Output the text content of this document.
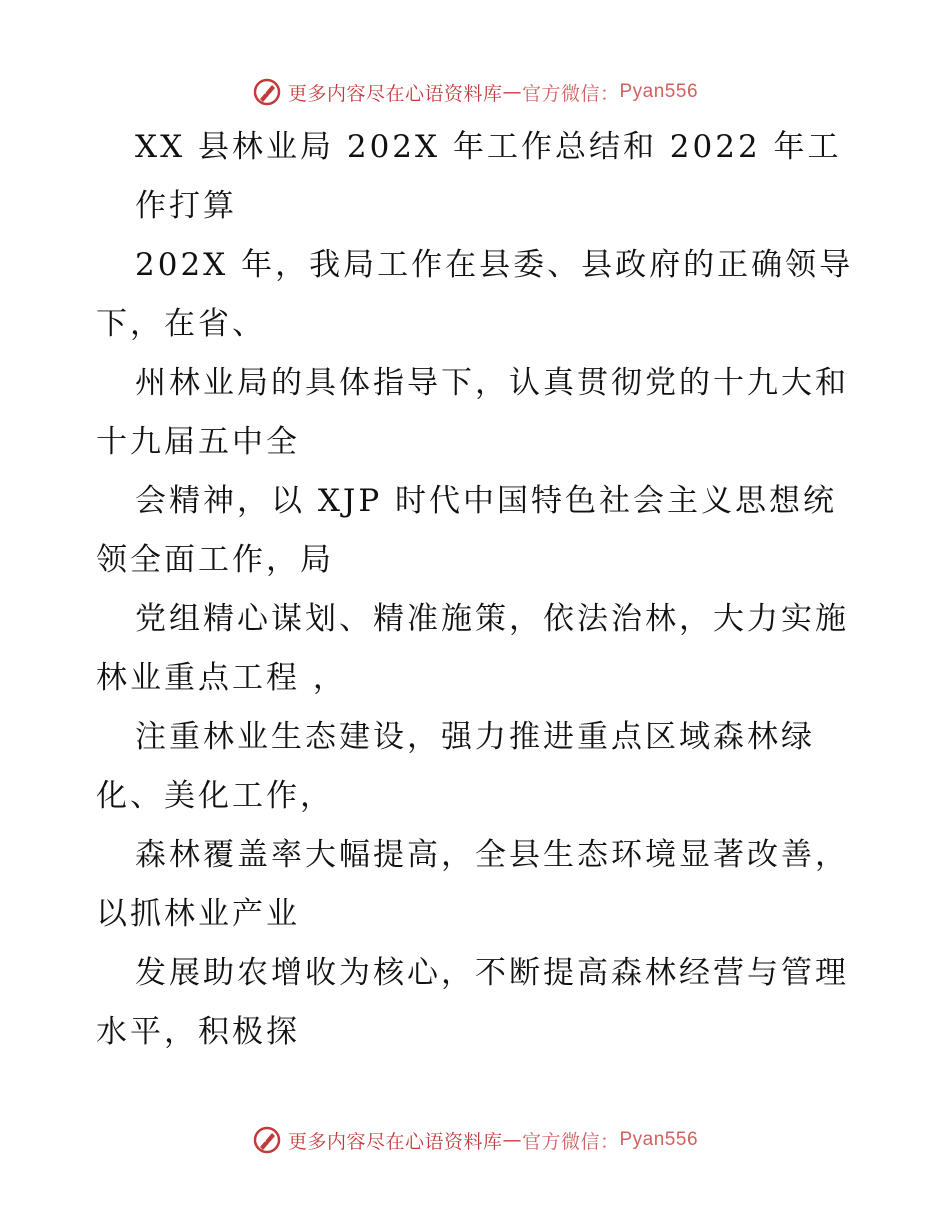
更多内容尽在心语资料库 — 官方微信： Pyan556
XX 县林业局 202X 年工作总结和 2022 年工
作打算
202X 年，我局工作在县委、县政府的正确领导
下，在省、
州林业局的具体指导下，认真贯彻党的十九大和
十九届五中全
会精神，以 XJP 时代中国特色社会主义思想统
领全面工作，局
党组精心谋划、精准施策，依法治林，大力实施
林业重点工程 ，
注重林业生态建设，强力推进重点区域森林绿
化、美化工作，
森林覆盖率大幅提高，全县生态环境显著改善，
以抓林业产业
发展助农增收为核心，不断提高森林经营与管理
水平，积极探
更多内容尽在心语资料库 — 官方微信： Pyan556
